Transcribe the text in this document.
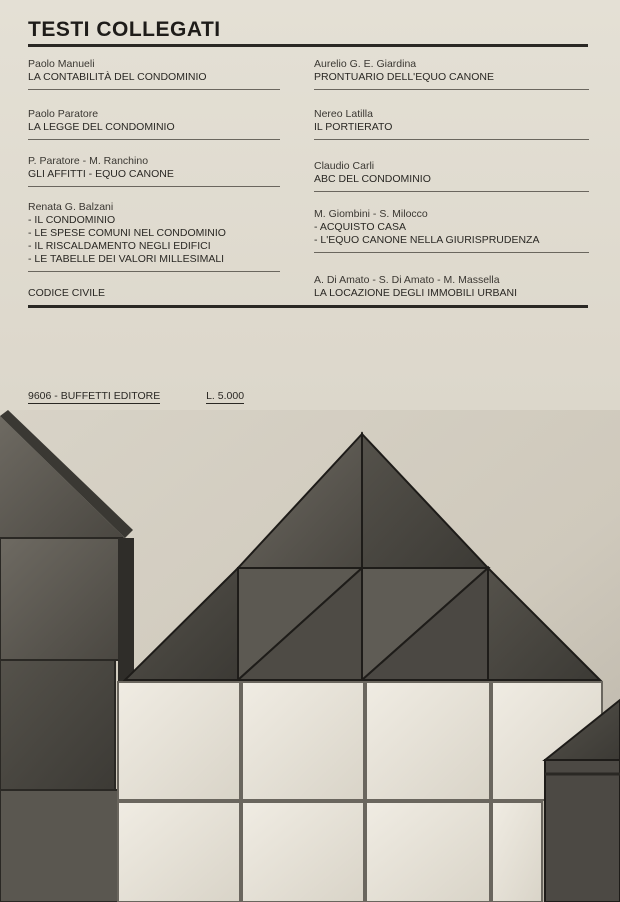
TESTI COLLEGATI
Paolo Manueli
LA CONTABILITÀ DEL CONDOMINIO
Paolo Paratore
LA LEGGE DEL CONDOMINIO
P. Paratore - M. Ranchino
GLI AFFITTI - EQUO CANONE
Renata G. Balzani
- IL CONDOMINIO
- LE SPESE COMUNI NEL CONDOMINIO
- IL RISCALDAMENTO NEGLI EDIFICI
- LE TABELLE DEI VALORI MILLESIMALI
CODICE CIVILE
Aurelio G. E. Giardina
PRONTUARIO DELL'EQUO CANONE
Nereo Latilla
IL PORTIERATO
Claudio Carli
ABC DEL CONDOMINIO
M. Giombini - S. Milocco
- ACQUISTO CASA
- L'EQUO CANONE NELLA GIURISPRUDENZA
A. Di Amato - S. Di Amato - M. Massella
LA LOCAZIONE DEGLI IMMOBILI URBANI
9606 - BUFFETTI EDITORE	L. 5.000
